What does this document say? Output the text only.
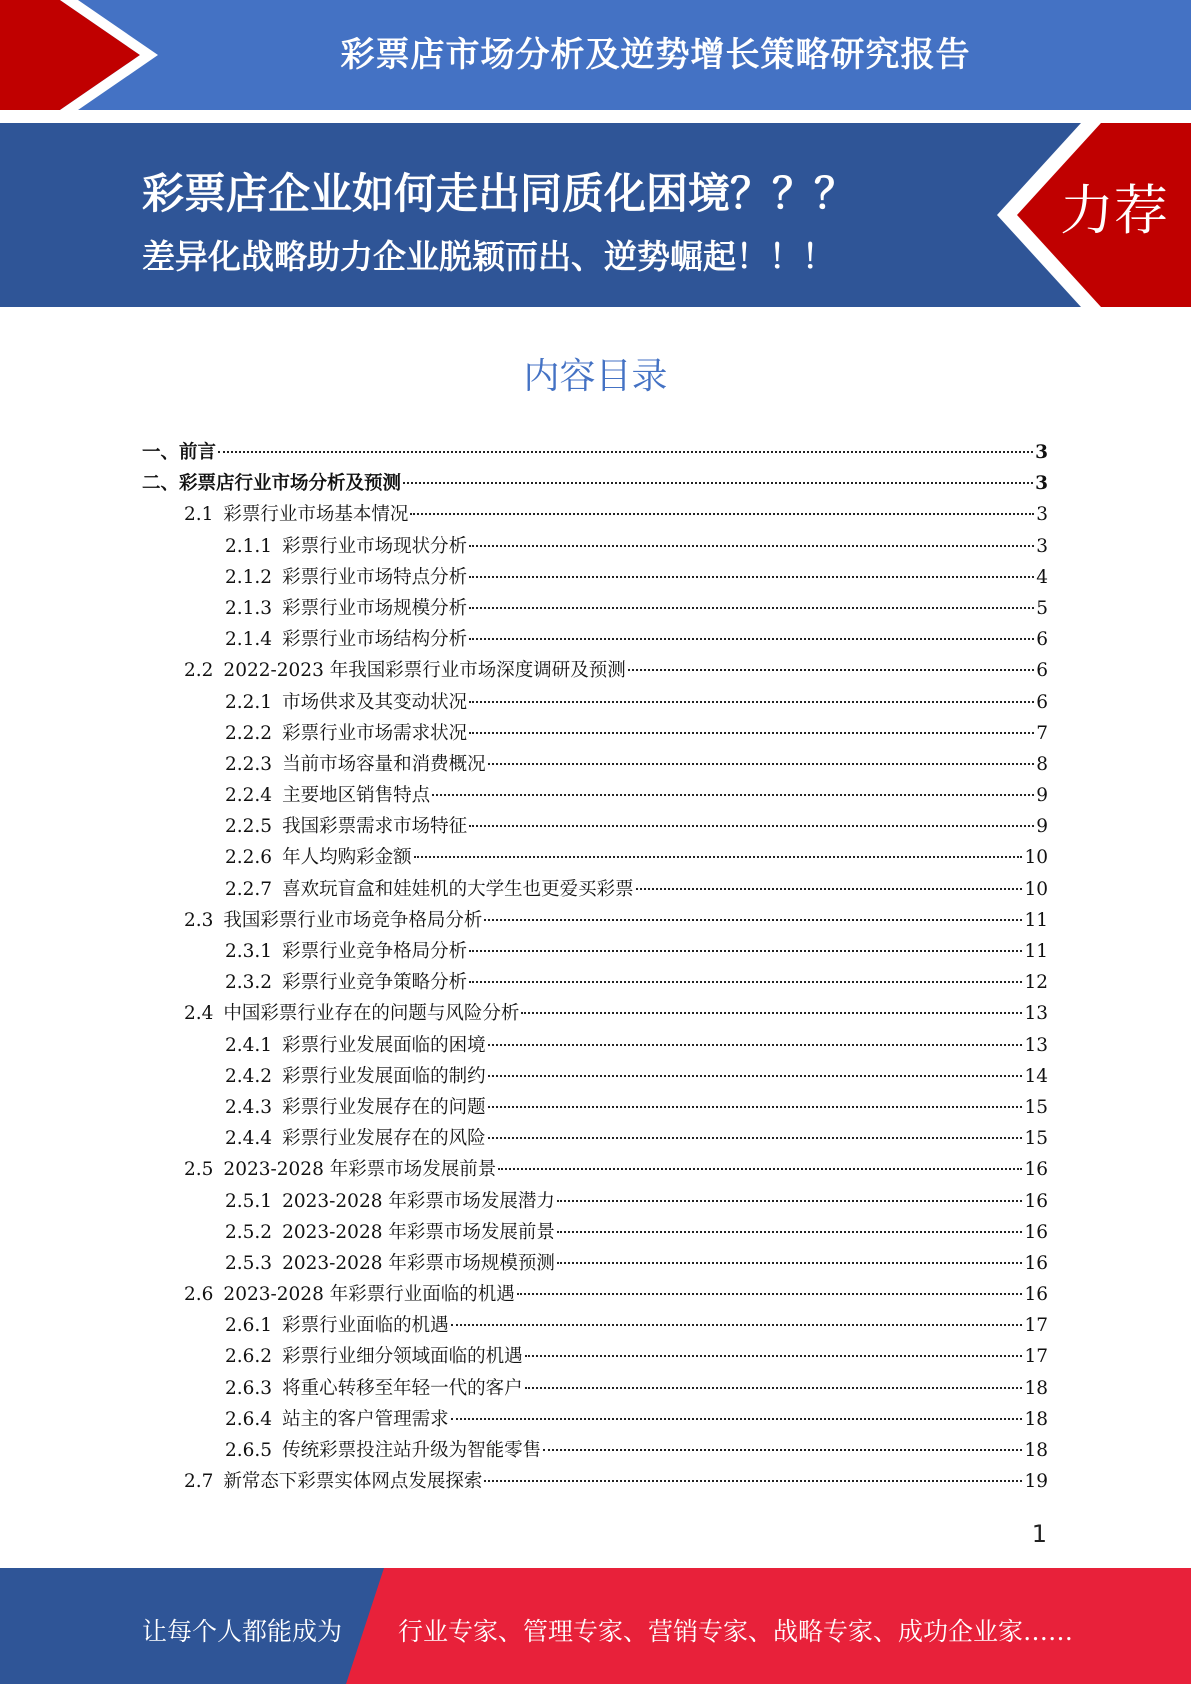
彩票店市场分析及逆势增长策略研究报告
彩票店企业如何走出同质化困境？？？
差异化战略助力企业脱颖而出、逆势崛起！！！
力荐
内容目录
一、 前言	3
二、 彩票店行业市场分析及预测	3
2.1 彩票行业市场基本情况	3
2.1.1 彩票行业市场现状分析	3
2.1.2 彩票行业市场特点分析	4
2.1.3 彩票行业市场规模分析	5
2.1.4 彩票行业市场结构分析	6
2.2 2022-2023 年我国彩票行业市场深度调研及预测	6
2.2.1 市场供求及其变动状况	6
2.2.2 彩票行业市场需求状况	7
2.2.3 当前市场容量和消费概况	8
2.2.4 主要地区销售特点	9
2.2.5 我国彩票需求市场特征	9
2.2.6 年人均购彩金额	10
2.2.7 喜欢玩盲盒和娃娃机的大学生也更爱买彩票	10
2.3 我国彩票行业市场竞争格局分析	11
2.3.1 彩票行业竞争格局分析	11
2.3.2 彩票行业竞争策略分析	12
2.4 中国彩票行业存在的问题与风险分析	13
2.4.1 彩票行业发展面临的困境	13
2.4.2 彩票行业发展面临的制约	14
2.4.3 彩票行业发展存在的问题	15
2.4.4 彩票行业发展存在的风险	15
2.5 2023-2028 年彩票市场发展前景	16
2.5.1 2023-2028 年彩票市场发展潜力	16
2.5.2 2023-2028 年彩票市场发展前景	16
2.5.3 2023-2028 年彩票市场规模预测	16
2.6 2023-2028 年彩票行业面临的机遇	16
2.6.1 彩票行业面临的机遇	17
2.6.2 彩票行业细分领域面临的机遇	17
2.6.3 将重心转移至年轻一代的客户	18
2.6.4 站主的客户管理需求	18
2.6.5 传统彩票投注站升级为智能零售	18
2.7 新常态下彩票实体网点发展探索	19
1
让每个人都能成为 行业专家、管理专家、营销专家、战略专家、成功企业家……
